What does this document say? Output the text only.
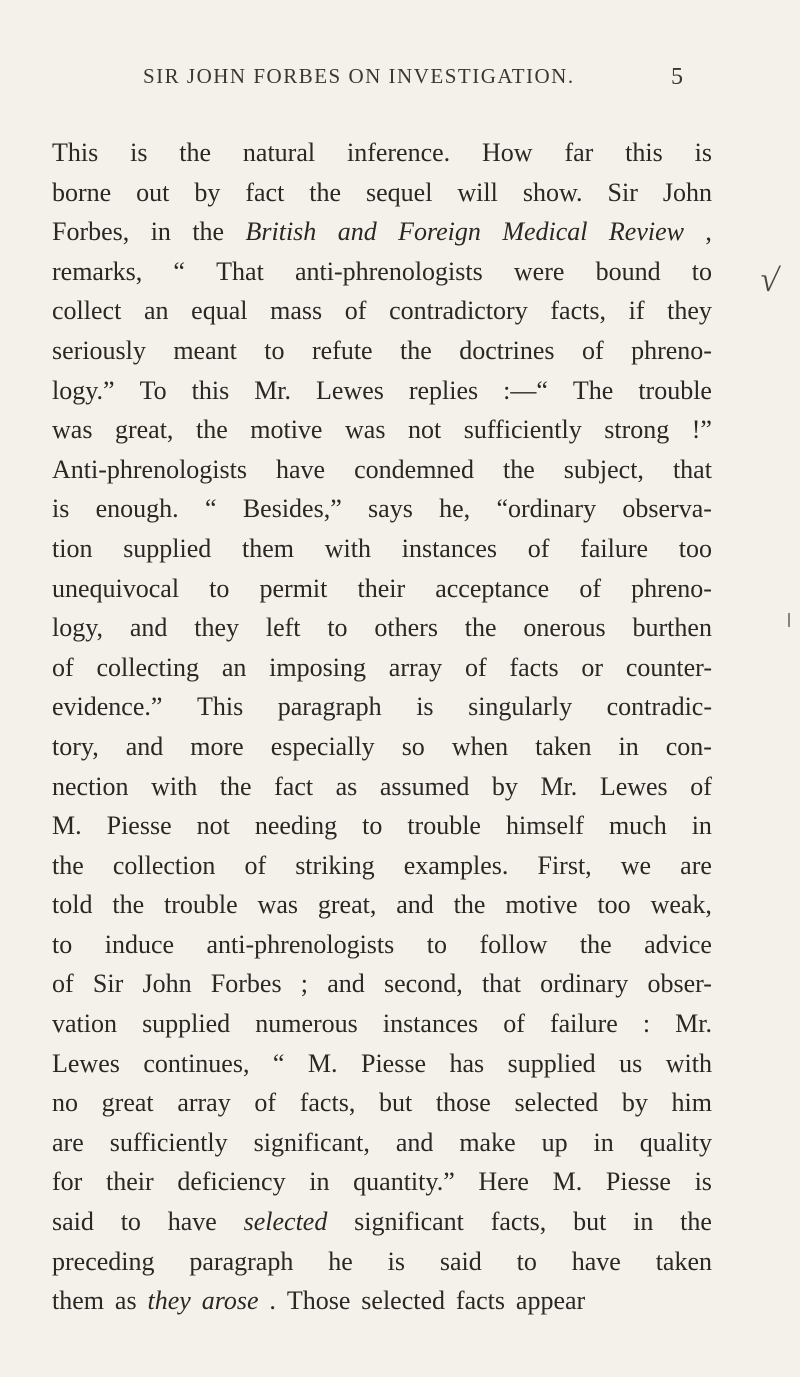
SIR JOHN FORBES ON INVESTIGATION.	5
This is the natural inference. How far this is
borne out by fact the sequel will show. Sir John
Forbes, in the British and Foreign Medical Review ,
remarks, “ That anti-phrenologists were bound to
collect an equal mass of contradictory facts, if they
seriously meant to refute the doctrines of phreno-
logy.” To this Mr. Lewes replies :—“ The trouble
was great, the motive was not sufficiently strong !”
Anti-phrenologists have condemned the subject, that
is enough. “ Besides,” says he, “ordinary observa-
tion supplied them with instances of failure too
unequivocal to permit their acceptance of phreno-
logy, and they left to others the onerous burthen
of collecting an imposing array of facts or counter-
evidence.” This paragraph is singularly contradic-
tory, and more especially so when taken in con-
nection with the fact as assumed by Mr. Lewes of
M. Piesse not needing to trouble himself much in
the collection of striking examples. First, we are
told the trouble was great, and the motive too weak,
to induce anti-phrenologists to follow the advice
of Sir John Forbes ; and second, that ordinary obser-
vation supplied numerous instances of failure : Mr.
Lewes continues, “ M. Piesse has supplied us with
no great array of facts, but those selected by him
are sufficiently significant, and make up in quality
for their deficiency in quantity.” Here M. Piesse is
said to have selected significant facts, but in the
preceding paragraph he is said to have taken
them as they arose . Those selected facts appear
√
